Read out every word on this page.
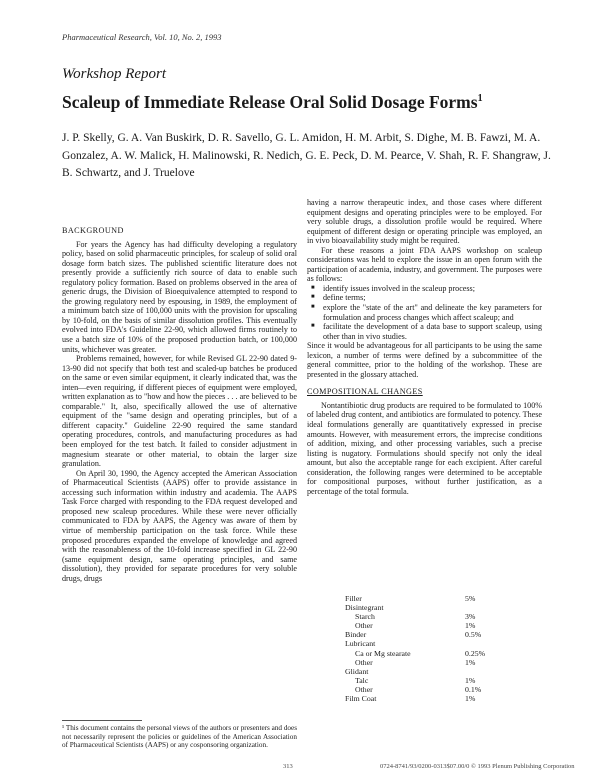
Pharmaceutical Research, Vol. 10, No. 2, 1993
Workshop Report
Scaleup of Immediate Release Oral Solid Dosage Forms$^1$
J. P. Skelly, G. A. Van Buskirk, D. R. Savello, G. L. Amidon, H. M. Arbit, S. Dighe, M. B. Fawzi, M. A. Gonzalez, A. W. Malick, H. Malinowski, R. Nedich, G. E. Peck, D. M. Pearce, V. Shah, R. F. Shangraw, J. B. Schwartz, and J. Truelove
BACKGROUND

For years the Agency has had difficulty developing a regulatory policy, based on solid pharmaceutic principles, for scaleup of solid oral dosage form batch sizes. The published scientific literature does not presently provide a sufficiently rich source of data to enable such regulatory policy formation. Based on problems observed in the area of generic drugs, the Division of Bioequivalence attempted to respond to the growing regulatory need by espousing, in 1989, the employment of a minimum batch size of 100,000 units with the provision for upscaling by 10-fold, on the basis of similar dissolution profiles. This eventually evolved into FDA's Guideline 22-90, which allowed firms routinely to use a batch size of 10% of the proposed production batch, or 100,000 units, whichever was greater.

Problems remained, however, for while Revised GL 22-90 dated 9-13-90 did not specify that both test and scaled-up batches be produced on the same or even similar equipment, it clearly indicated that, was the inten—even requiring, if different pieces of equipment were employed, written explanation as to "how and how the pieces . . . are believed to be comparable." It, also, specifically allowed the use of alternative equipment of the "same design and operating principles, but of a different capacity." Guideline 22-90 required the same standard operating procedures, controls, and manufacturing procedures as had been employed for the test batch. It failed to consider adjustment in magnesium stearate or other material, to obtain the larger size granulation.

On April 30, 1990, the Agency accepted the American Association of Pharmaceutical Scientists (AAPS) offer to provide assistance in accessing such information within industry and academia. The AAPS Task Force charged with responding to the FDA request developed and proposed new scaleup procedures. While these were never officially communicated to FDA by AAPS, the Agency was aware of them by virtue of membership participation on the task force. While these proposed procedures expanded the envelope of knowledge and agreed with the reasonableness of the 10-fold increase specified in GL 22-90 (same equipment design, same operating principles, and same dissolution), they provided for separate procedures for very soluble drugs, drugs

having a narrow therapeutic index, and those cases where different equipment designs and operating principles were to be employed. For very soluble drugs, a dissolution profile would be required. Where equipment of different design or operating principle was employed, an in vivo bioavailability study might be required.

For these reasons a joint FDA AAPS workshop on scaleup considerations was held to explore the issue in an open forum with the participation of academia, industry, and government. The purposes were as follows:

■ identify issues involved in the scaleup process;
■ define terms;
■ explore the "state of the art" and delineate the key parameters for formulation and process changes which affect scaleup; and
■ facilitate the development of a data base to support scaleup, using other than in vivo studies.

Since it would be advantageous for all participants to be using the same lexicon, a number of terms were defined by a subcommittee of the general committee, prior to the holding of the workshop. These are presented in the glossary attached.

COMPOSITIONAL CHANGES

Nontantibiotic drug products are required to be formulated to 100% of labeled drug content, and antibiotics are formulated to potency. These ideal formulations generally are quantitatively expressed in precise amounts. However, with measurement errors, the imprecise conditions of addition, mixing, and other processing variables, such a precise listing is nugatory. Formulations should specify not only the ideal amount, but also the acceptable range for each excipient. After careful consideration, the following ranges were determined to be acceptable for compositional purposes, without further justification, as a percentage of the total formula.

Filler	5%
Disintegrant	
Starch	3%
Other	1%
Binder	0.5%
Lubricant	
Ca or Mg stearate	0.25%
Other	1%
Glidant	
Talc	1%
Other	0.1%
Film Coat	1%
¹ This document contains the personal views of the authors or presenters and does not necessarily represent the policies or guidelines of the American Association of Pharmaceutical Scientists (AAPS) or any cosponsoring organization.
313	0724-8741/93/0200-0313$07.00/0 © 1993 Plenum Publishing Corporation
